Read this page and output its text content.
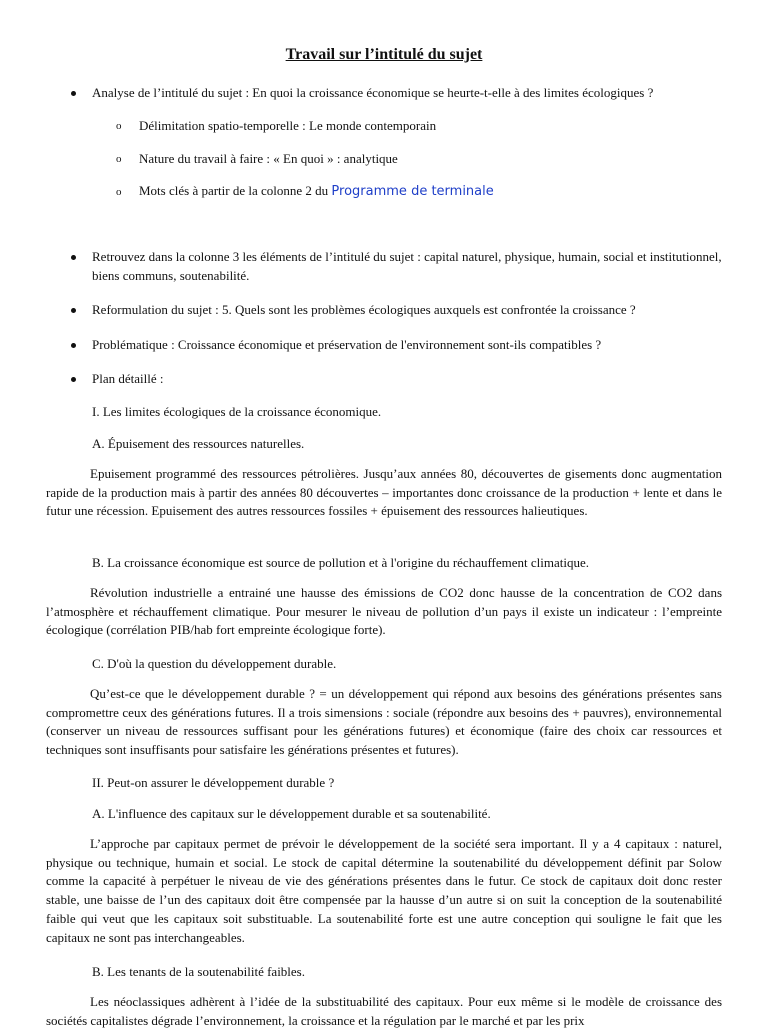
Travail sur l’intitulé du sujet
Analyse de l’intitulé du sujet : En quoi la croissance économique se heurte-t-elle à des limites écologiques ?
o Délimitation spatio-temporelle : Le monde contemporain
o Nature du travail à faire : « En quoi » : analytique
o Mots clés à partir de la colonne 2 du Programme de terminale
Retrouvez dans la colonne 3 les éléments de l’intitulé du sujet : capital naturel, physique, humain, social et institutionnel, biens communs, soutenabilité.
Reformulation du sujet : 5. Quels sont les problèmes écologiques auxquels est confrontée la croissance ?
Problématique : Croissance économique et préservation de l'environnement sont-ils compatibles ?
Plan détaillé :
I. Les limites écologiques de la croissance économique.
A. Épuisement des ressources naturelles.
Epuisement programmé des ressources pétrolières. Jusqu’aux années 80, découvertes de gisements donc augmentation rapide de la production mais à partir des années 80 découvertes – importantes donc croissance de la production + lente et dans le futur une récession. Epuisement des autres ressources fossiles + épuisement des ressources halieutiques.
B. La croissance économique est source de pollution et à l'origine du réchauffement climatique.
Révolution industrielle a entrainé une hausse des émissions de CO2 donc hausse de la concentration de CO2 dans l’atmosphère et réchauffement climatique. Pour mesurer le niveau de pollution d’un pays il existe un indicateur : l’empreinte écologique (corrélation PIB/hab fort empreinte écologique forte).
C. D'où la question du développement durable.
Qu’est-ce que le développement durable ? = un développement qui répond aux besoins des générations présentes sans compromettre ceux des générations futures. Il a trois simensions : sociale (répondre aux besoins des + pauvres), environnemental (conserver un niveau de ressources suffisant pour les générations futures) et économique (faire des choix car ressources et techniques sont insuffisants pour satisfaire les générations présentes et futures).
II. Peut-on assurer le développement durable ?
A. L'influence des capitaux sur le développement durable et sa soutenabilité.
L’approche par capitaux permet de prévoir le développement de la société sera important. Il y a 4 capitaux : naturel, physique ou technique, humain et social. Le stock de capital détermine la soutenabilité du développement définit par Solow comme la capacité à perpétuer le niveau de vie des générations présentes dans le futur. Ce stock de capitaux doit donc rester stable, une baisse de l’un des capitaux doit être compensée par la hausse d’un autre si on suit la conception de la soutenabilité faible qui veut que les capitaux soit substituable. La soutenabilité forte est une autre conception qui souligne le fait que les capitaux ne sont pas interchangeables.
B. Les tenants de la soutenabilité faibles.
Les néoclassiques adhèrent à l’idée de la substituabilité des capitaux. Pour eux même si le modèle de croissance des sociétés capitalistes dégrade l’environnement, la croissance et la régulation par le marché et par les prix
